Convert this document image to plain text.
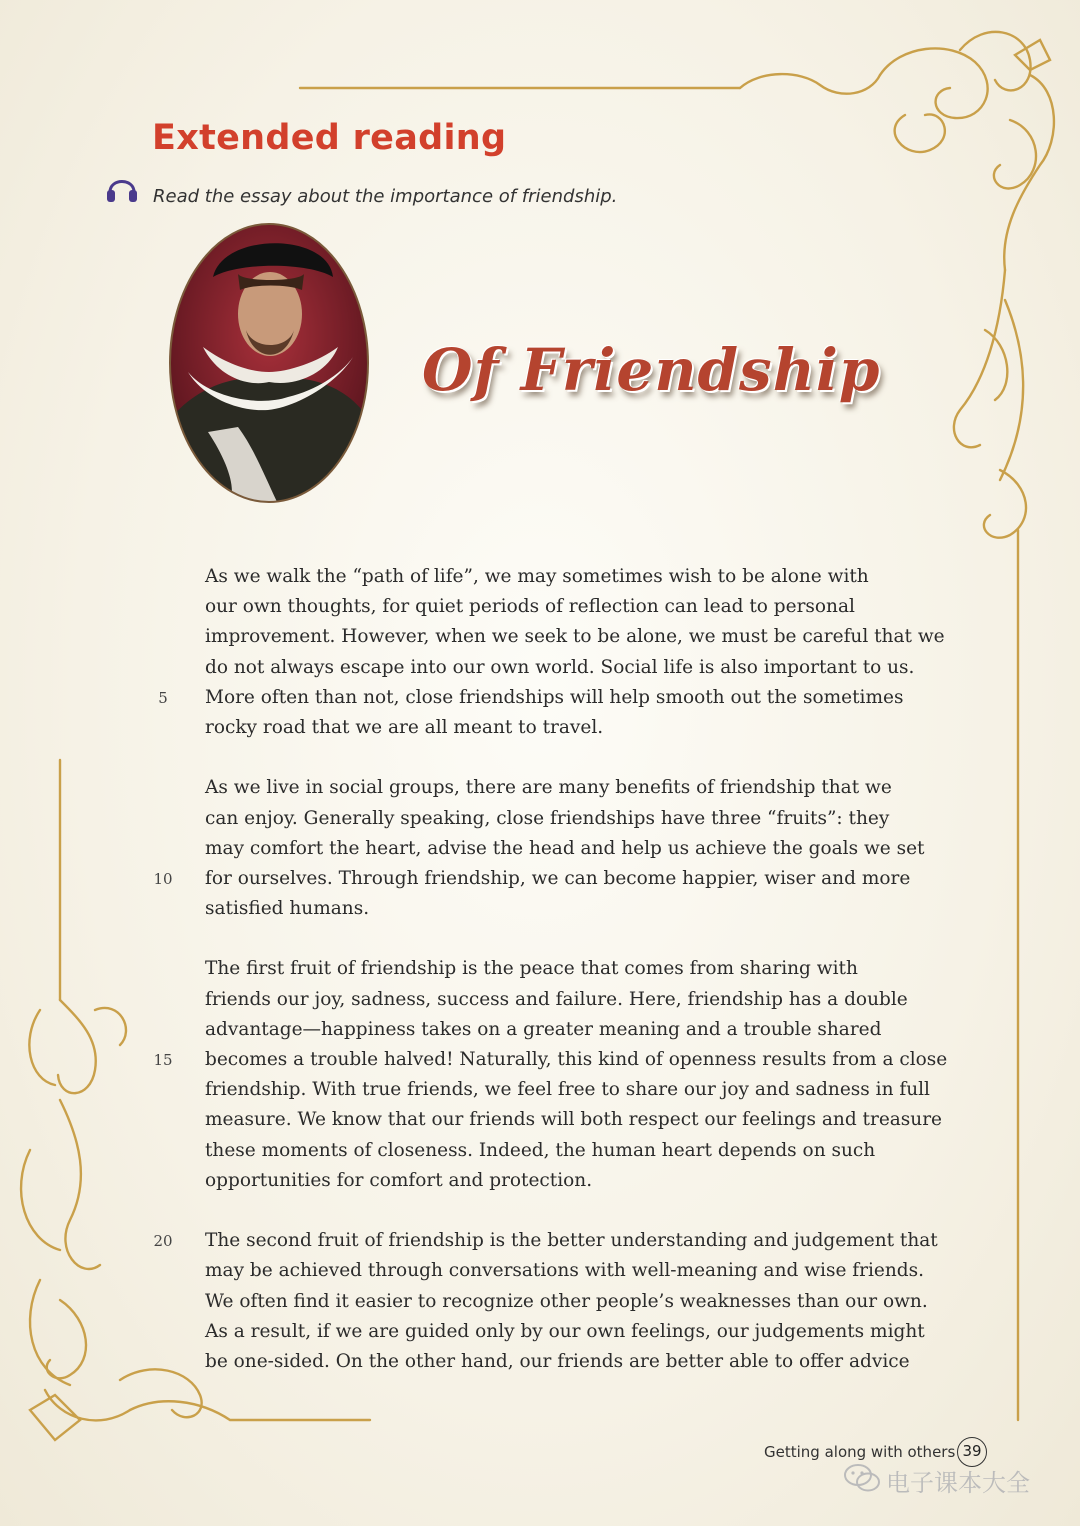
Extended reading

Read the essay about the importance of friendship.

Of Friendship
As we walk the “path of life”, we may sometimes wish to be alone with
our own thoughts, for quiet periods of reflection can lead to personal
improvement. However, when we seek to be alone, we must be careful that we
do not always escape into our own world. Social life is also important to us.
5	More often than not, close friendships will help smooth out the sometimes
rocky road that we are all meant to travel.
As we live in social groups, there are many benefits of friendship that we
can enjoy. Generally speaking, close friendships have three “fruits”: they
may comfort the heart, advise the head and help us achieve the goals we set
10	for ourselves. Through friendship, we can become happier, wiser and more
satisfied humans.
The first fruit of friendship is the peace that comes from sharing with
friends our joy, sadness, success and failure. Here, friendship has a double
advantage—happiness takes on a greater meaning and a trouble shared
15	becomes a trouble halved! Naturally, this kind of openness results from a close
friendship. With true friends, we feel free to share our joy and sadness in full
measure. We know that our friends will both respect our feelings and treasure
these moments of closeness. Indeed, the human heart depends on such
opportunities for comfort and protection.
20	The second fruit of friendship is the better understanding and judgement that
may be achieved through conversations with well-meaning and wise friends.
We often find it easier to recognize other people’s weaknesses than our own.
As a result, if we are guided only by our own feelings, our judgements might
be one-sided. On the other hand, our friends are better able to offer advice
Getting along with others 39
电子课本大全
